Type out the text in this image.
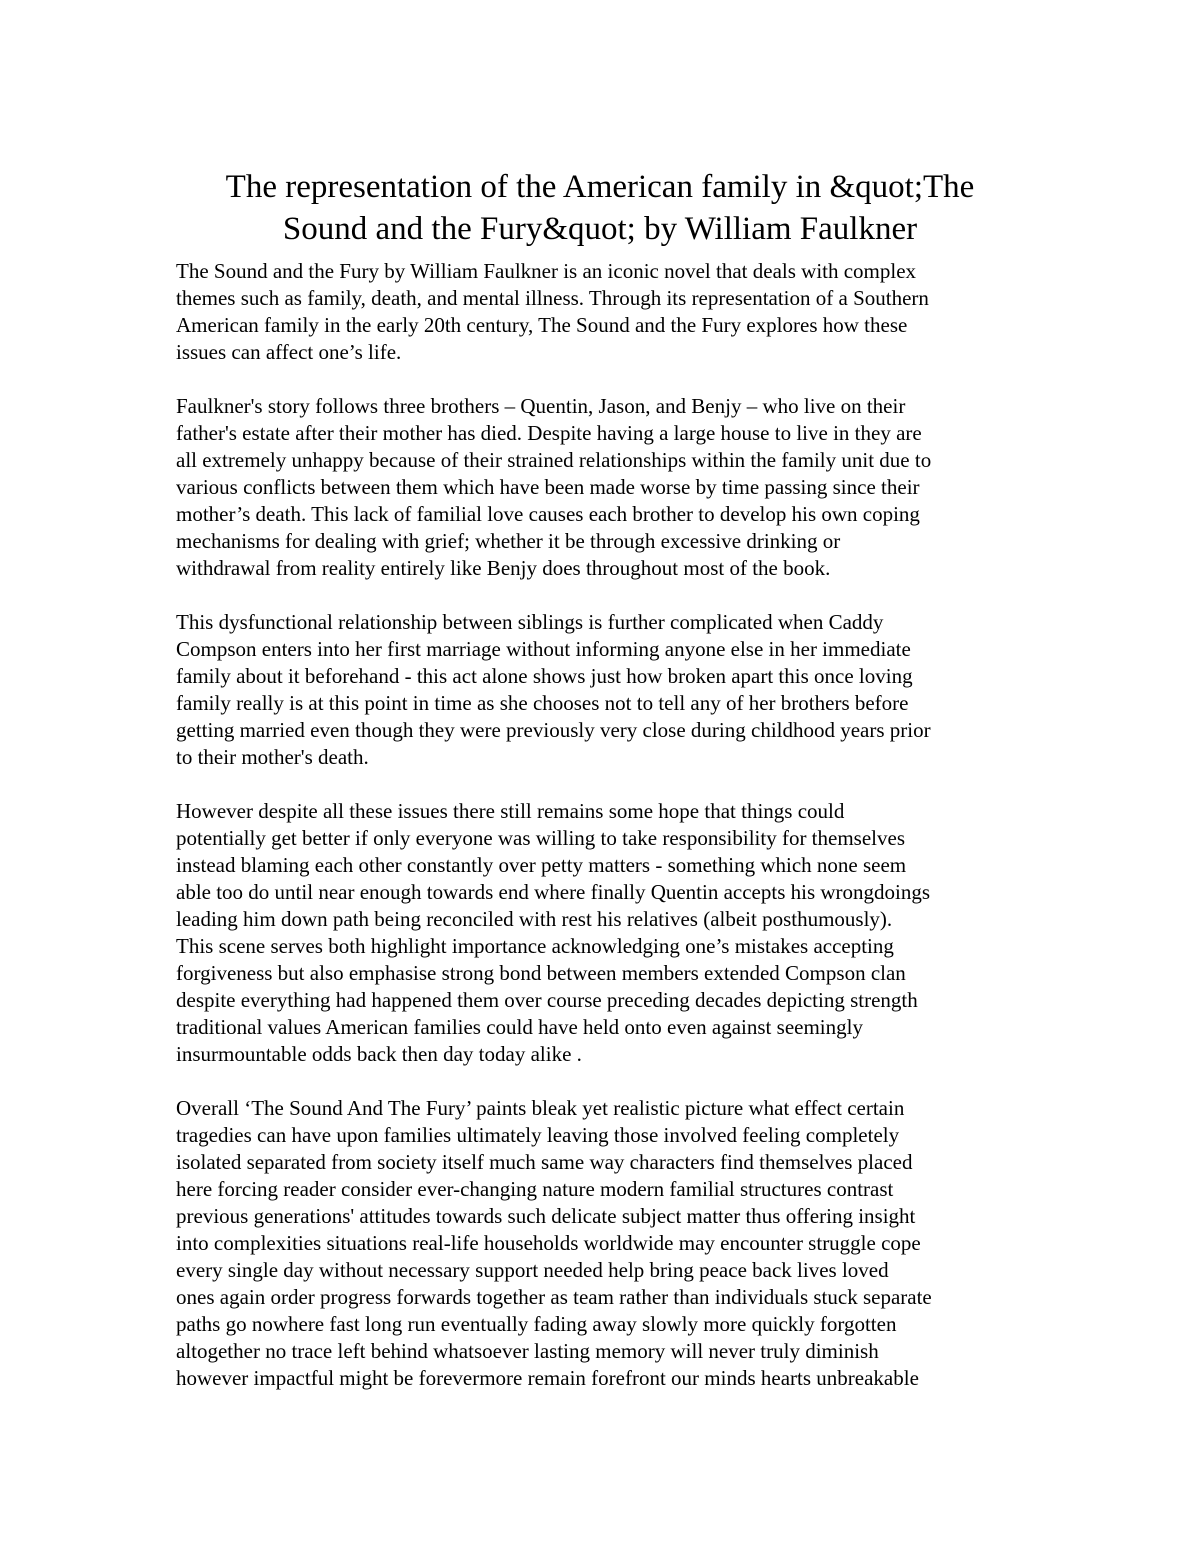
The representation of the American family in &quot;The
Sound and the Fury&quot; by William Faulkner

The Sound and the Fury by William Faulkner is an iconic novel that deals with complex
themes such as family, death, and mental illness. Through its representation of a Southern
American family in the early 20th century, The Sound and the Fury explores how these
issues can affect one’s life.

Faulkner's story follows three brothers – Quentin, Jason, and Benjy – who live on their
father's estate after their mother has died. Despite having a large house to live in they are
all extremely unhappy because of their strained relationships within the family unit due to
various conflicts between them which have been made worse by time passing since their
mother’s death. This lack of familial love causes each brother to develop his own coping
mechanisms for dealing with grief; whether it be through excessive drinking or
withdrawal from reality entirely like Benjy does throughout most of the book.

This dysfunctional relationship between siblings is further complicated when Caddy
Compson enters into her first marriage without informing anyone else in her immediate
family about it beforehand - this act alone shows just how broken apart this once loving
family really is at this point in time as she chooses not to tell any of her brothers before
getting married even though they were previously very close during childhood years prior
to their mother's death.

However despite all these issues there still remains some hope that things could
potentially get better if only everyone was willing to take responsibility for themselves
instead blaming each other constantly over petty matters - something which none seem
able too do until near enough towards end where finally Quentin accepts his wrongdoings
leading him down path being reconciled with rest his relatives (albeit posthumously).
This scene serves both highlight importance acknowledging one’s mistakes accepting
forgiveness but also emphasise strong bond between members extended Compson clan
despite everything had happened them over course preceding decades depicting strength
traditional values American families could have held onto even against seemingly
insurmountable odds back then day today alike .

Overall ‘The Sound And The Fury’ paints bleak yet realistic picture what effect certain
tragedies can have upon families ultimately leaving those involved feeling completely
isolated separated from society itself much same way characters find themselves placed
here forcing reader consider ever-changing nature modern familial structures contrast
previous generations' attitudes towards such delicate subject matter thus offering insight
into complexities situations real-life households worldwide may encounter struggle cope
every single day without necessary support needed help bring peace back lives loved
ones again order progress forwards together as team rather than individuals stuck separate
paths go nowhere fast long run eventually fading away slowly more quickly forgotten
altogether no trace left behind whatsoever lasting memory will never truly diminish
however impactful might be forevermore remain forefront our minds hearts unbreakable
